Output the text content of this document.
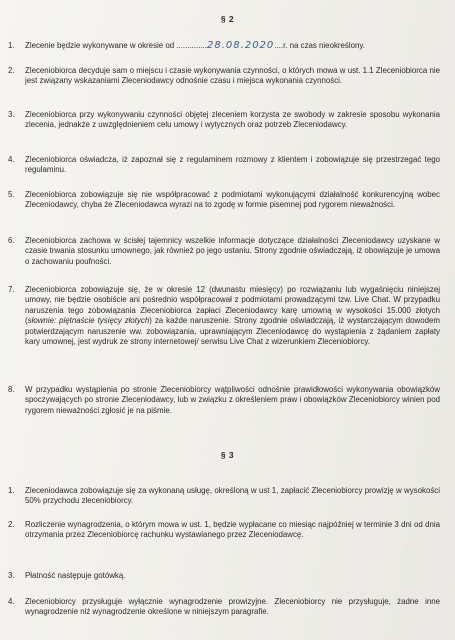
§ 2
1. Zlecenie będzie wykonywane w okresie od ..............28.08.2020....r. na czas nieokreślony.
2. Zleceniobiorca decyduje sam o miejscu i czasie wykonywania czynności, o których mowa w ust. 1.1 Zleceniobiorca nie jest związany wskazaniami Zleceniodawcy odnośnie czasu i miejsca wykonania czynności.
3. Zleceniobiorca przy wykonywaniu czynności objętej zleceniem korzysta ze swobody w zakresie sposobu wykonania zlecenia, jednakże z uwzględnieniem celu umowy i wytycznych oraz potrzeb Zleceniodawcy.
4. Zleceniobiorca oświadcza, iż zapoznał się z regulaminem rozmowy z klientem i zobowiązuje się przestrzegać tego regulaminu.
5. Zleceniobiorca zobowiązuje się nie współpracować z podmiotami wykonującymi działalność konkurencyjną wobec Zleceniodawcy, chyba że Zleceniodawca wyrazi na to zgodę w formie pisemnej pod rygorem nieważności.
6. Zleceniobiorca zachowa w ścisłej tajemnicy wszelkie informacje dotyczące działalności Zleceniodawcy uzyskane w czasie trwania stosunku umownego, jak również po jego ustaniu. Strony zgodnie oświadczają, iż obowiązuje je umowa o zachowaniu poufności.
7. Zleceniobiorca zobowiązuje się, że w okresie 12 (dwunastu miesięcy) po rozwiązaniu lub wygaśnięciu niniejszej umowy, nie będzie osobiście ani pośrednio współpracował z podmiotami prowadzącymi tzw. Live Chat. W przypadku naruszenia tego zobowiązania Zleceniobiorca zapłaci Zleceniodawcy karę umowną w wysokości 15.000 złotych (słownie: piętnaście tysięcy złotych) za każde naruszenie. Strony zgodnie oświadczają, iż wystarczającym dowodem potwierdzającym naruszenie ww. zobowiązania, uprawniającym Zleceniodawcę do wystąpienia z żądaniem zapłaty kary umownej, jest wydruk ze strony internetowej/ serwisu Live Chat z wizerunkiem Zleceniobiorcy.
8. W przypadku wystąpienia po stronie Zleceniobiorcy wątpliwości odnośnie prawidłowości wykonywania obowiązków spoczywających po stronie Zleceniodawcy, lub w związku z określeniem praw i obowiązków Zleceniobiorcy winien pod rygorem nieważności zgłosić je na piśmie.
§ 3
1. Zleceniodawca zobowiązuje się za wykonaną usługę, określoną w ust 1, zapłacić Zleceniobiorcy prowizję w wysokości 50% przychodu zleceniobiorcy.
2. Rozliczenie wynagrodzenia, o którym mowa w ust. 1, będzie wypłacane co miesiąc najpóźniej w terminie 3 dni od dnia otrzymania przez Zleceniobiorcę rachunku wystawianego przez Zleceniodawcę.
3. Płatność następuje gotówką.
4. Zleceniobiorcy przysługuje wyłącznie wynagrodzenie prowizyjne. Zleceniobiorcy nie przysługuje, żadne inne wynagrodzenie niż wynagrodzenie określone w niniejszym paragrafie.
